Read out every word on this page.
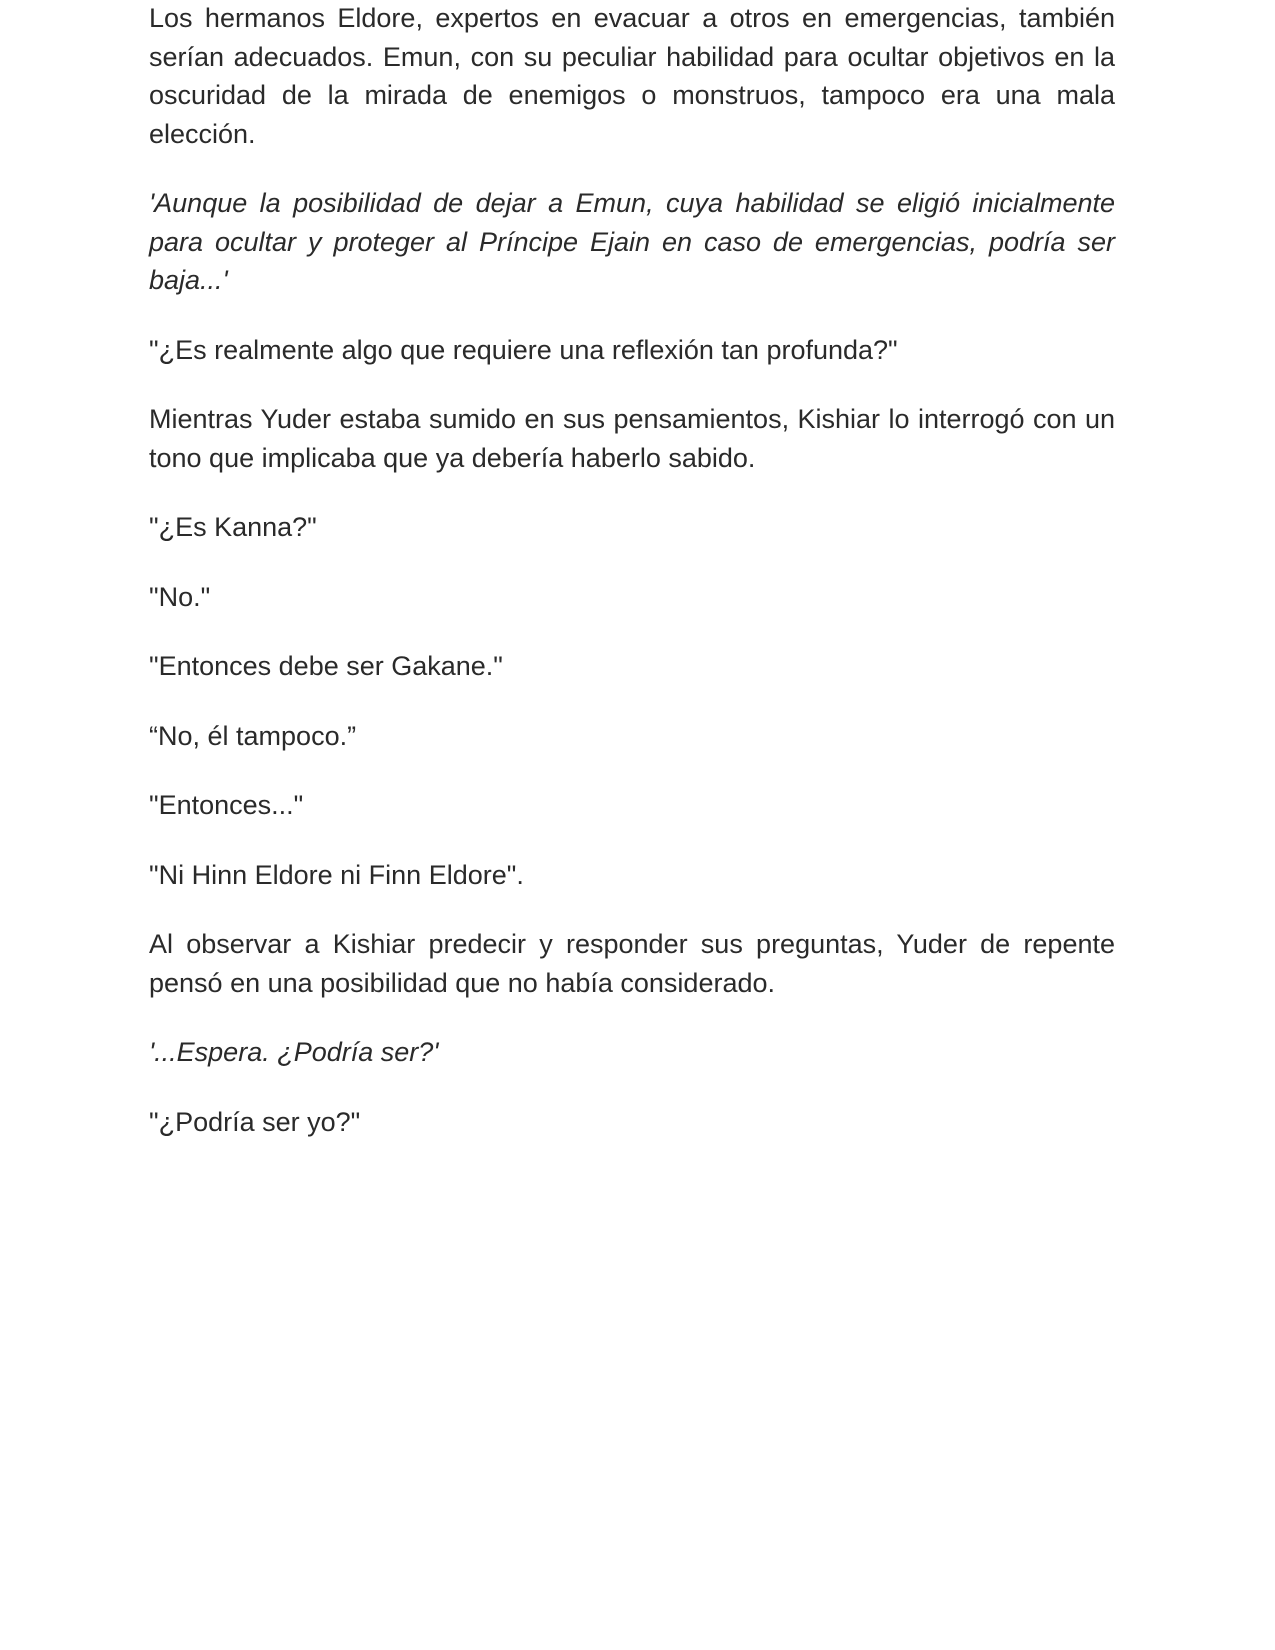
Los hermanos Eldore, expertos en evacuar a otros en emergencias, también serían adecuados. Emun, con su peculiar habilidad para ocultar objetivos en la oscuridad de la mirada de enemigos o monstruos, tampoco era una mala elección.

'Aunque la posibilidad de dejar a Emun, cuya habilidad se eligió inicialmente para ocultar y proteger al Príncipe Ejain en caso de emergencias, podría ser baja...'

"¿Es realmente algo que requiere una reflexión tan profunda?"

Mientras Yuder estaba sumido en sus pensamientos, Kishiar lo interrogó con un tono que implicaba que ya debería haberlo sabido.

"¿Es Kanna?"

"No."

"Entonces debe ser Gakane."

“No, él tampoco.”

"Entonces..."

"Ni Hinn Eldore ni Finn Eldore".

Al observar a Kishiar predecir y responder sus preguntas, Yuder de repente pensó en una posibilidad que no había considerado.

'...Espera. ¿Podría ser?'

"¿Podría ser yo?"
